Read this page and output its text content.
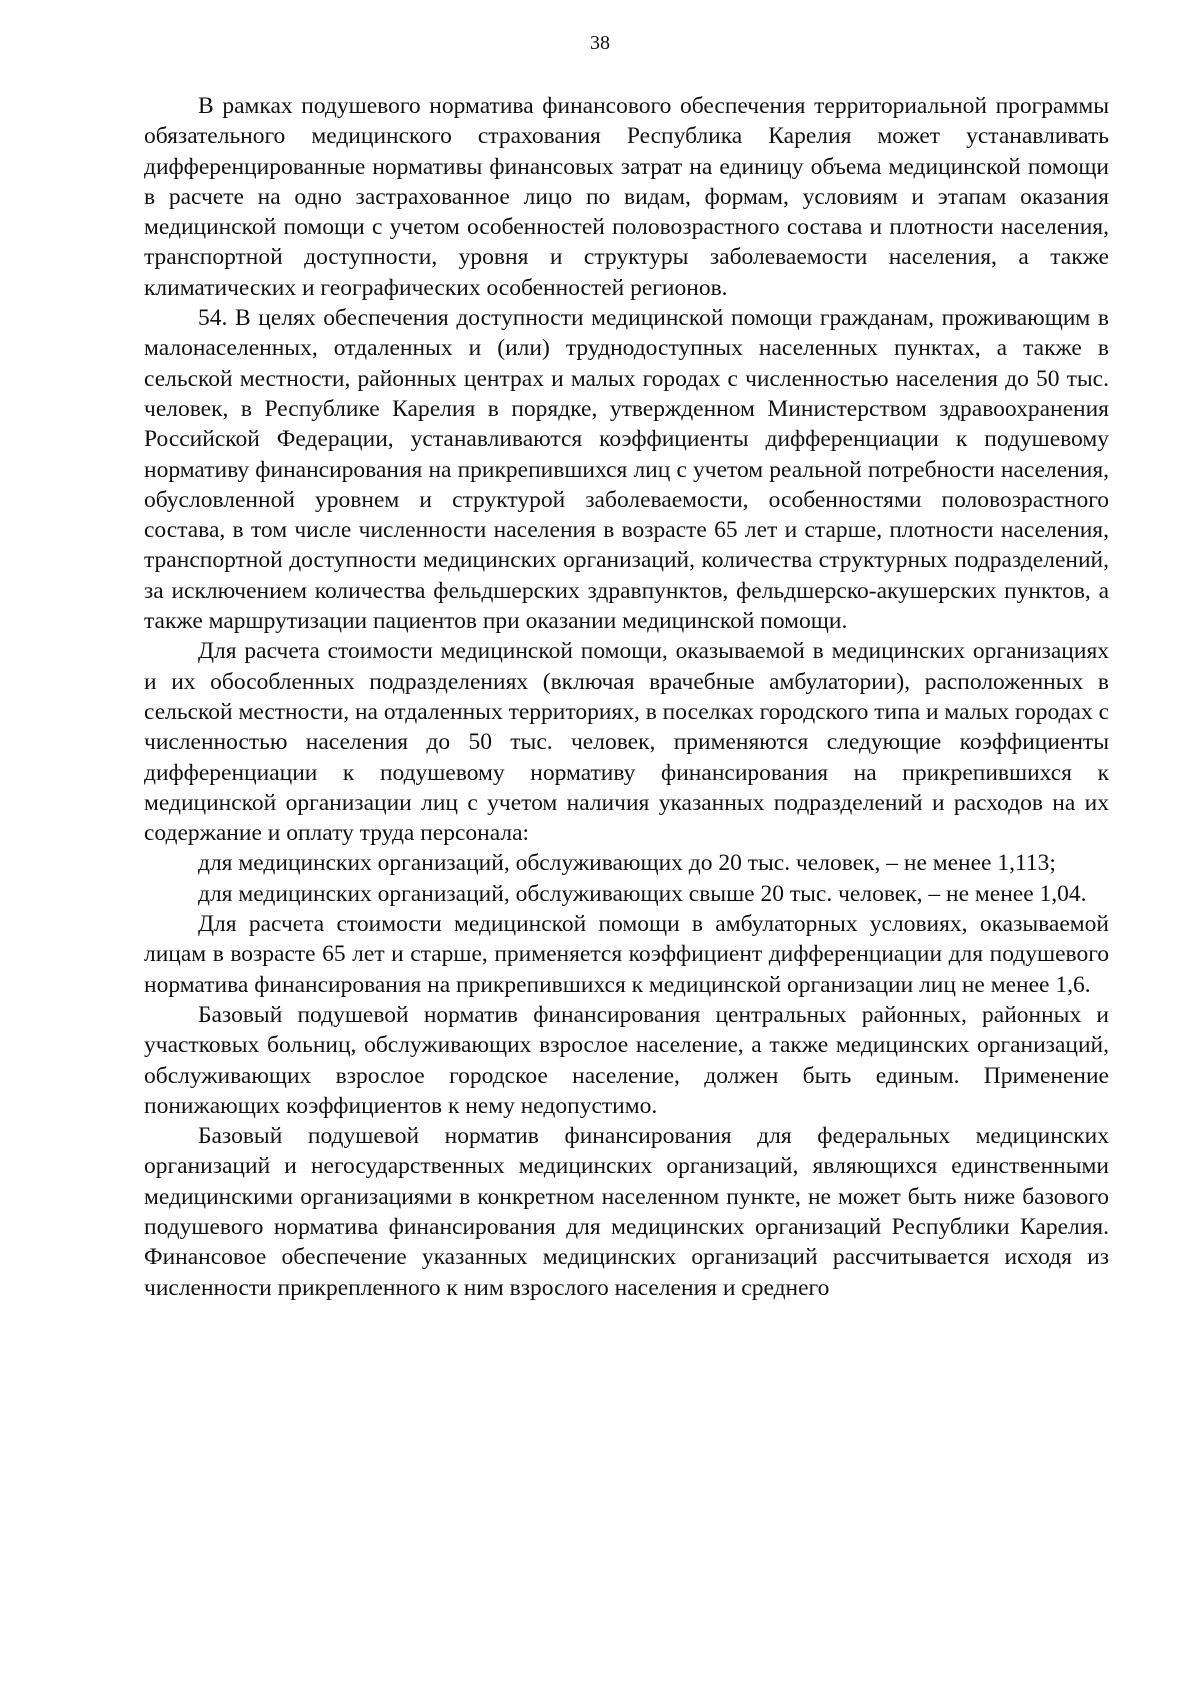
38

В рамках подушевого норматива финансового обеспечения территориальной программы обязательного медицинского страхования Республика Карелия может устанавливать дифференцированные нормативы финансовых затрат на единицу объема медицинской помощи в расчете на одно застрахованное лицо по видам, формам, условиям и этапам оказания медицинской помощи с учетом особенностей половозрастного состава и плотности населения, транспортной доступности, уровня и структуры заболеваемости населения, а также климатических и географических особенностей регионов.

54. В целях обеспечения доступности медицинской помощи гражданам, проживающим в малонаселенных, отдаленных и (или) труднодоступных населенных пунктах, а также в сельской местности, районных центрах и малых городах с численностью населения до 50 тыс. человек, в Республике Карелия в порядке, утвержденном Министерством здравоохранения Российской Федерации, устанавливаются коэффициенты дифференциации к подушевому нормативу финансирования на прикрепившихся лиц с учетом реальной потребности населения, обусловленной уровнем и структурой заболеваемости, особенностями половозрастного состава, в том числе численности населения в возрасте 65 лет и старше, плотности населения, транспортной доступности медицинских организаций, количества структурных подразделений, за исключением количества фельдшерских здравпунктов, фельдшерско-акушерских пунктов, а также маршрутизации пациентов при оказании медицинской помощи.

Для расчета стоимости медицинской помощи, оказываемой в медицинских организациях и их обособленных подразделениях (включая врачебные амбулатории), расположенных в сельской местности, на отдаленных территориях, в поселках городского типа и малых городах с численностью населения до 50 тыс. человек, применяются следующие коэффициенты дифференциации к подушевому нормативу финансирования на прикрепившихся к медицинской организации лиц с учетом наличия указанных подразделений и расходов на их содержание и оплату труда персонала:

для медицинских организаций, обслуживающих до 20 тыс. человек, – не менее 1,113;

для медицинских организаций, обслуживающих свыше 20 тыс. человек, – не менее 1,04.

Для расчета стоимости медицинской помощи в амбулаторных условиях, оказываемой лицам в возрасте 65 лет и старше, применяется коэффициент дифференциации для подушевого норматива финансирования на прикрепившихся к медицинской организации лиц не менее 1,6.

Базовый подушевой норматив финансирования центральных районных, районных и участковых больниц, обслуживающих взрослое население, а также медицинских организаций, обслуживающих взрослое городское население, должен быть единым. Применение понижающих коэффициентов к нему недопустимо.

Базовый подушевой норматив финансирования для федеральных медицинских организаций и негосударственных медицинских организаций, являющихся единственными медицинскими организациями в конкретном населенном пункте, не может быть ниже базового подушевого норматива финансирования для медицинских организаций Республики Карелия. Финансовое обеспечение указанных медицинских организаций рассчитывается исходя из численности прикрепленного к ним взрослого населения и среднего
